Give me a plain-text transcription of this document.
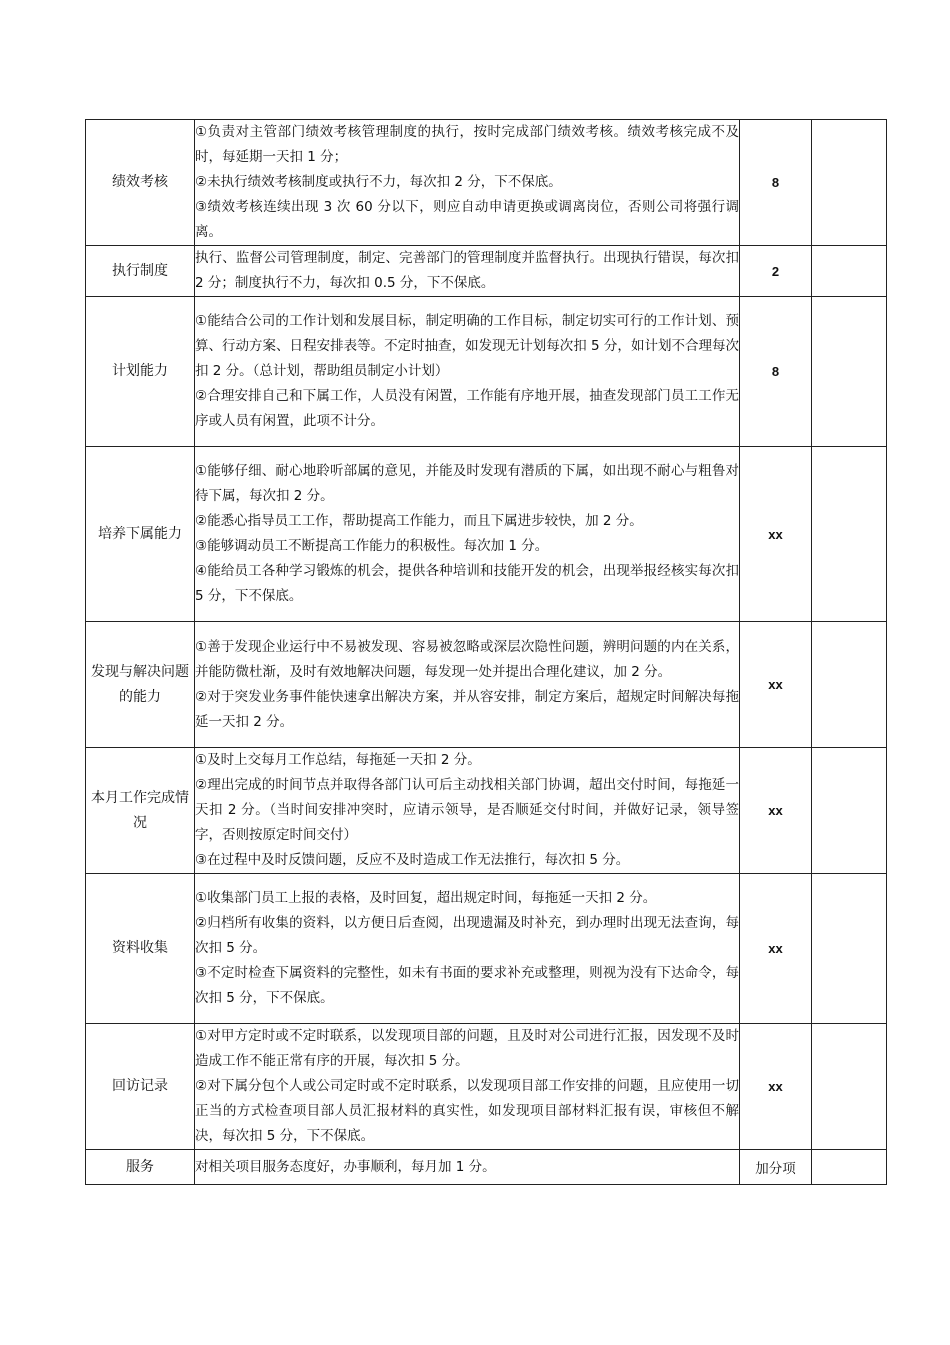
绩效考核	①负责对主管部门绩效考核管理制度的执行，按时完成部门绩效考核。绩效考核完成不及时，每延期一天扣 1 分；

②未执行绩效考核制度或执行不力，每次扣 2 分，下不保底。

③绩效考核连续出现 3 次 60 分以下，则应自动申请更换或调离岗位，否则公司将强行调离。	8	
执行制度	执行、监督公司管理制度，制定、完善部门的管理制度并监督执行。出现执行错误，每次扣 2 分；制度执行不力，每次扣 0.5 分，下不保底。	2	
计划能力	①能结合公司的工作计划和发展目标，制定明确的工作目标，制定切实可行的工作计划、预算、行动方案、日程安排表等。不定时抽查，如发现无计划每次扣 5 分，如计划不合理每次扣 2 分。（总计划，帮助组员制定小计划）

②合理安排自己和下属工作，人员没有闲置，工作能有序地开展，抽查发现部门员工工作无序或人员有闲置，此项不计分。	8	
培养下属能力	①能够仔细、耐心地聆听部属的意见，并能及时发现有潜质的下属，如出现不耐心与粗鲁对待下属，每次扣 2 分。

②能悉心指导员工工作，帮助提高工作能力，而且下属进步较快，加 2 分。

③能够调动员工不断提高工作能力的积极性。每次加 1 分。

④能给员工各种学习锻炼的机会，提供各种培训和技能开发的机会，出现举报经核实每次扣 5 分，下不保底。	xx	
发现与解决问题的能力	①善于发现企业运行中不易被发现、容易被忽略或深层次隐性问题，辨明问题的内在关系，并能防微杜渐，及时有效地解决问题，每发现一处并提出合理化建议，加 2 分。

②对于突发业务事件能快速拿出解决方案，并从容安排，制定方案后，超规定时间解决每拖延一天扣 2 分。	xx	
本月工作完成情况	①及时上交每月工作总结，每拖延一天扣 2 分。

②理出完成的时间节点并取得各部门认可后主动找相关部门协调，超出交付时间，每拖延一天扣 2 分。（当时间安排冲突时，应请示领导，是否顺延交付时间，并做好记录，领导签字，否则按原定时间交付）

③在过程中及时反馈问题，反应不及时造成工作无法推行，每次扣 5 分。	xx	
资料收集	①收集部门员工上报的表格，及时回复，超出规定时间，每拖延一天扣 2 分。

②归档所有收集的资料，以方便日后查阅，出现遗漏及时补充，到办理时出现无法查询，每次扣 5 分。

③不定时检查下属资料的完整性，如未有书面的要求补充或整理，则视为没有下达命令，每次扣 5 分，下不保底。	xx	
回访记录	①对甲方定时或不定时联系，以发现项目部的问题，且及时对公司进行汇报，因发现不及时造成工作不能正常有序的开展，每次扣 5 分。

②对下属分包个人或公司定时或不定时联系，以发现项目部工作安排的问题，且应使用一切正当的方式检查项目部人员汇报材料的真实性，如发现项目部材料汇报有误，审核但不解决，每次扣 5 分，下不保底。	xx	
服务	对相关项目服务态度好，办事顺利，每月加 1 分。	加分项	
